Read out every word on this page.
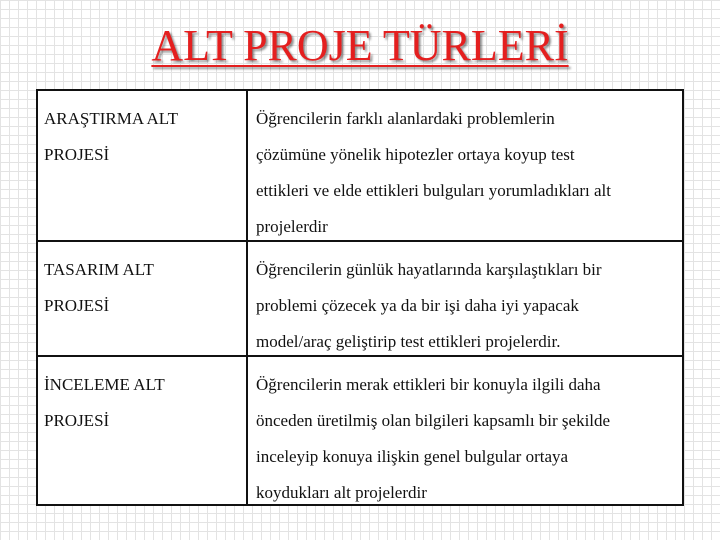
ALT PROJE TÜRLERİ
ARAŞTIRMA ALT
PROJESİ
Öğrencilerin farklı alanlardaki problemlerin
çözümüne yönelik hipotezler ortaya koyup test
ettikleri ve elde ettikleri bulguları yorumladıkları alt
projelerdir
TASARIM ALT
PROJESİ
Öğrencilerin günlük hayatlarında karşılaştıkları bir
problemi çözecek ya da bir işi daha iyi yapacak
model/araç geliştirip test ettikleri projelerdir.
İNCELEME ALT
PROJESİ
Öğrencilerin merak ettikleri bir konuyla ilgili daha
önceden üretilmiş olan bilgileri kapsamlı bir şekilde
inceleyip konuya ilişkin genel bulgular ortaya
koydukları alt projelerdir
